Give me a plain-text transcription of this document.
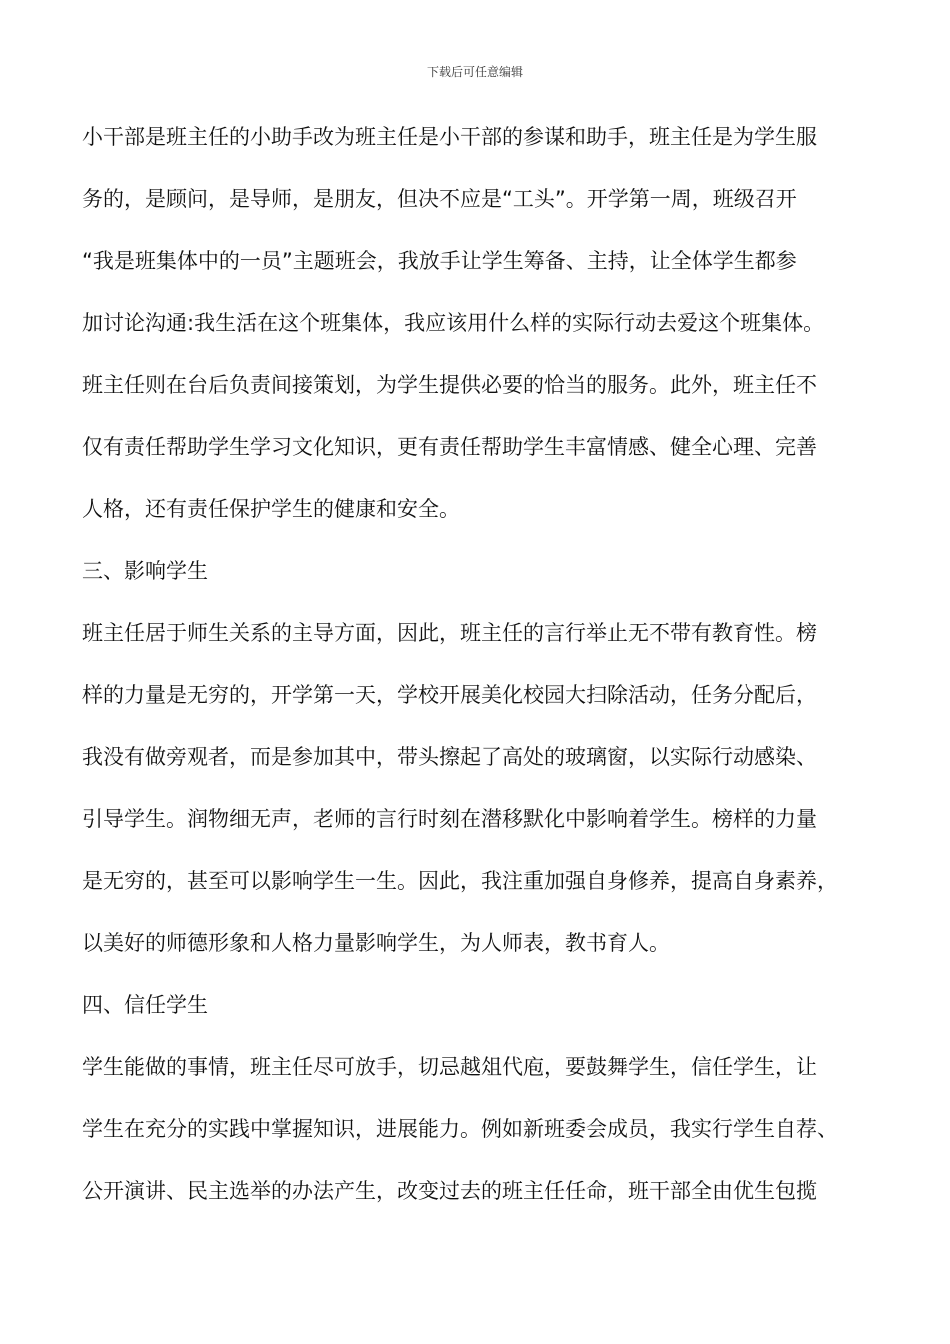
下载后可任意编辑
小干部是班主任的小助手改为班主任是小干部的参谋和助手，班主任是为学生服
务的，是顾问，是导师，是朋友，但决不应是“工头”。开学第一周，班级召开
“我是班集体中的一员”主题班会，我放手让学生筹备、主持，让全体学生都参
加讨论沟通:我生活在这个班集体，我应该用什么样的实际行动去爱这个班集体。
班主任则在台后负责间接策划，为学生提供必要的恰当的服务。此外，班主任不
仅有责任帮助学生学习文化知识，更有责任帮助学生丰富情感、健全心理、完善
人格，还有责任保护学生的健康和安全。
三、影响学生
班主任居于师生关系的主导方面，因此，班主任的言行举止无不带有教育性。榜
样的力量是无穷的，开学第一天，学校开展美化校园大扫除活动，任务分配后，
我没有做旁观者，而是参加其中，带头擦起了高处的玻璃窗，以实际行动感染、
引导学生。润物细无声，老师的言行时刻在潜移默化中影响着学生。榜样的力量
是无穷的，甚至可以影响学生一生。因此，我注重加强自身修养，提高自身素养，
以美好的师德形象和人格力量影响学生，为人师表，教书育人。
四、信任学生
学生能做的事情，班主任尽可放手，切忌越俎代庖，要鼓舞学生，信任学生，让
学生在充分的实践中掌握知识，进展能力。例如新班委会成员，我实行学生自荐、
公开演讲、民主选举的办法产生，改变过去的班主任任命，班干部全由优生包揽
